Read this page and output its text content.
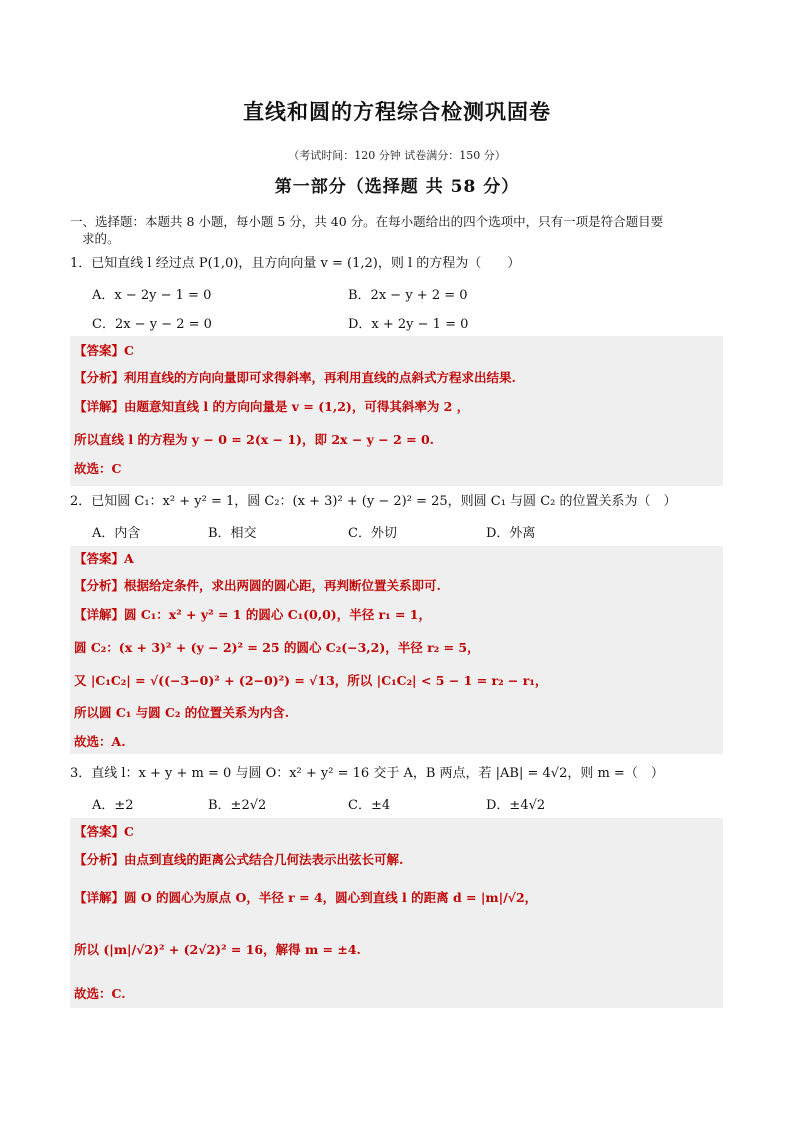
直线和圆的方程综合检测巩固卷
（考试时间：120 分钟 试卷满分：150 分）
第一部分（选择题 共 58 分）
一、选择题：本题共 8 小题，每小题 5 分，共 40 分。在每小题给出的四个选项中，只有一项是符合题目要
求的。
1．已知直线 l 经过点 P(1,0)，且方向向量 v = (1,2)，则 l 的方程为（　　）
A．x − 2y − 1 = 0	B．2x − y + 2 = 0
C．2x − y − 2 = 0	D．x + 2y − 1 = 0
【答案】C
【分析】利用直线的方向向量即可求得斜率，再利用直线的点斜式方程求出结果.
【详解】由题意知直线 l 的方向向量是 v = (1,2)，可得其斜率为 2 ，
所以直线 l 的方程为 y − 0 = 2(x − 1)，即 2x − y − 2 = 0.
故选：C
2．已知圆 C₁：x² + y² = 1，圆 C₂：(x + 3)² + (y − 2)² = 25，则圆 C₁ 与圆 C₂ 的位置关系为（　）
A．内含	B．相交	C．外切	D．外离
【答案】A
【分析】根据给定条件，求出两圆的圆心距，再判断位置关系即可.
【详解】圆 C₁：x² + y² = 1 的圆心 C₁(0,0)，半径 r₁ = 1，
圆 C₂：(x + 3)² + (y − 2)² = 25 的圆心 C₂(−3,2)，半径 r₂ = 5，
又 |C₁C₂| = √((−3−0)² + (2−0)²) = √13，所以 |C₁C₂| < 5 − 1 = r₂ − r₁，
所以圆 C₁ 与圆 C₂ 的位置关系为内含.
故选：A.
3．直线 l：x + y + m = 0 与圆 O：x² + y² = 16 交于 A，B 两点，若 |AB| = 4√2，则 m =（　）
A．±2	B．±2√2	C．±4	D．±4√2
【答案】C
【分析】由点到直线的距离公式结合几何法表示出弦长可解.
【详解】圆 O 的圆心为原点 O，半径 r = 4，圆心到直线 l 的距离 d = |m|/√2，
所以 (|m|/√2)² + (2√2)² = 16，解得 m = ±4.
故选：C.
